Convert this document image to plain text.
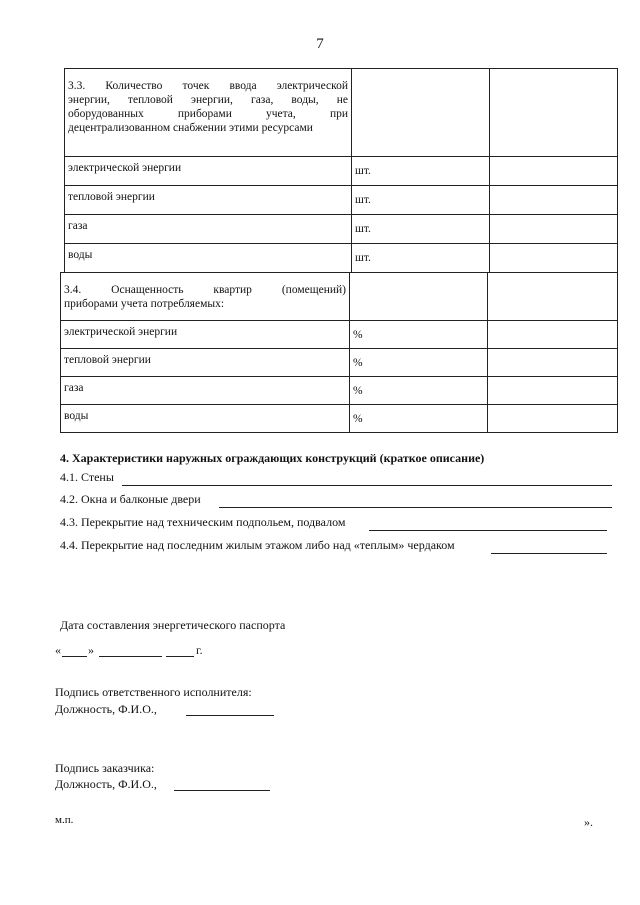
7
3.3. Количество точек ввода электрической
энергии, тепловой энергии, газа, воды, не
оборудованных приборами учета, при
децентрализованном снабжении этими ресурсами		

электрической энергии	шт.	
тепловой энергии	шт.	
газа	шт.	
воды	шт.	
3.4. Оснащенность квартир (помещений)
приборами учета потребляемых:		

электрической энергии	%	
тепловой энергии	%	
газа	%	
воды	%	
4. Характеристики наружных ограждающих конструкций (краткое описание)
4.1. Стены
4.2. Окна и балконые двери
4.3. Перекрытие над техническим подпольем, подвалом
4.4. Перекрытие над последним жилым этажом либо над «теплым» чердаком
Дата составления энергетического паспорта
« »	г.
Подпись ответственного исполнителя:
Должность, Ф.И.О.,
Подпись заказчика:
Должность, Ф.И.О.,
м.п.	».
